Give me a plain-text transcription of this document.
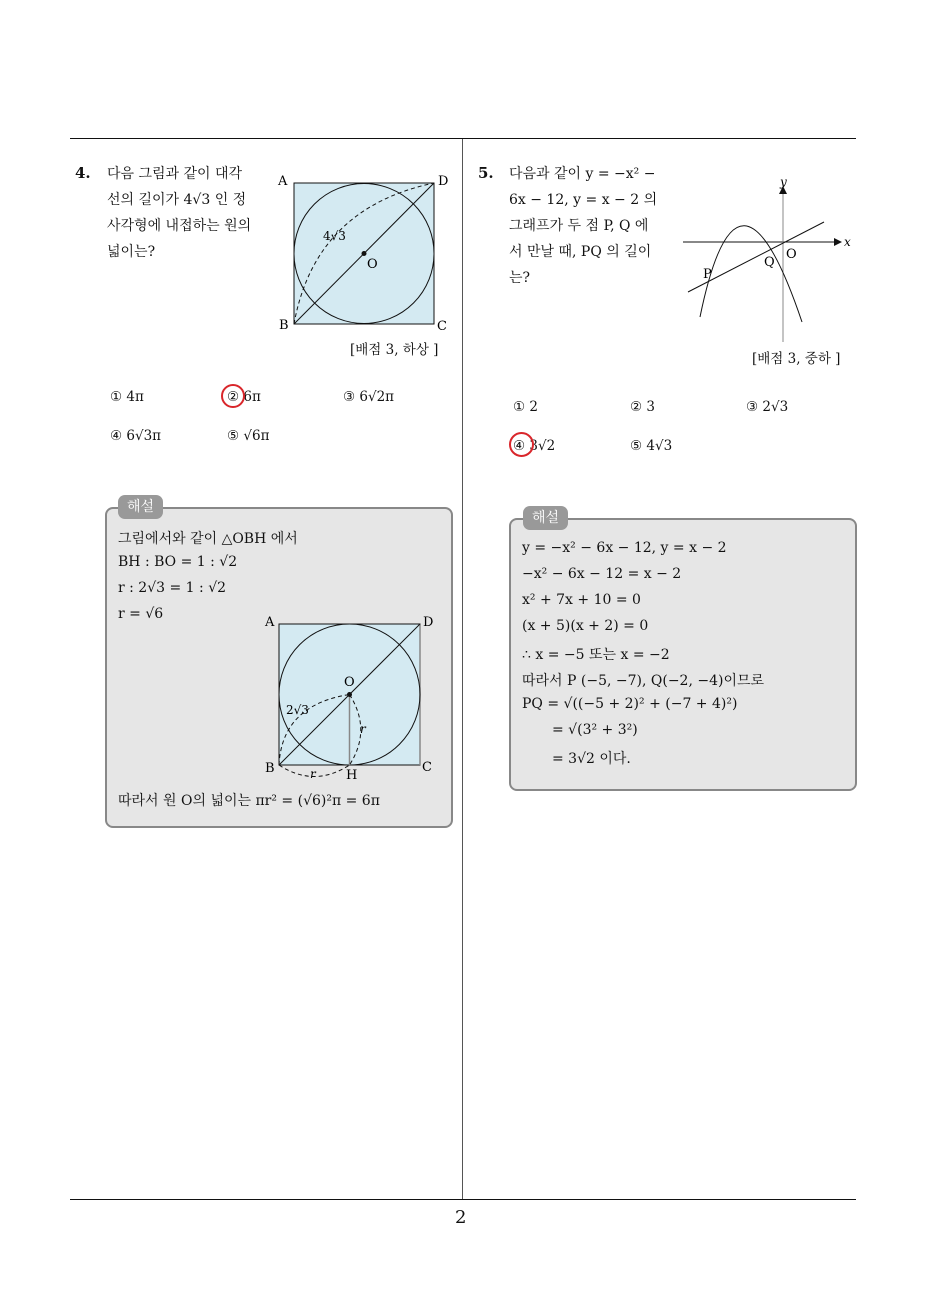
2
4. 다음 그림과 같이 대각
선의 길이가 4√3 인 정
사각형에 내접하는 원의
넓이는?
A	D
B	C
O
4√3
[배점 3, 하상 ]
① 4π	② 6π	③ 6√2π
④ 6√3π	⑤ √6π
해설
그림에서와 같이 △OBH 에서
BH : BO = 1 : √2
r : 2√3 = 1 : √2
r = √6
A	D
B	C
O
H
2√3
r
r
따라서 원 O의 넓이는 πr² = (√6)²π = 6π
5. 다음과 같이 y = −x² −
6x − 12, y = x − 2 의
그래프가 두 점 P, Q 에
서 만날 때, PQ 의 길이
는?
x
y
O
P
Q
[배점 3, 중하 ]
① 2	② 3	③ 2√3
④ 3√2	⑤ 4√3
해설
y = −x² − 6x − 12, y = x − 2
−x² − 6x − 12 = x − 2
x² + 7x + 10 = 0
(x + 5)(x + 2) = 0
∴ x = −5 또는 x = −2
따라서 P (−5, −7), Q(−2, −4)이므로
PQ = √((−5 + 2)² + (−7 + 4)²)
= √(3² + 3²)
= 3√2 이다.
